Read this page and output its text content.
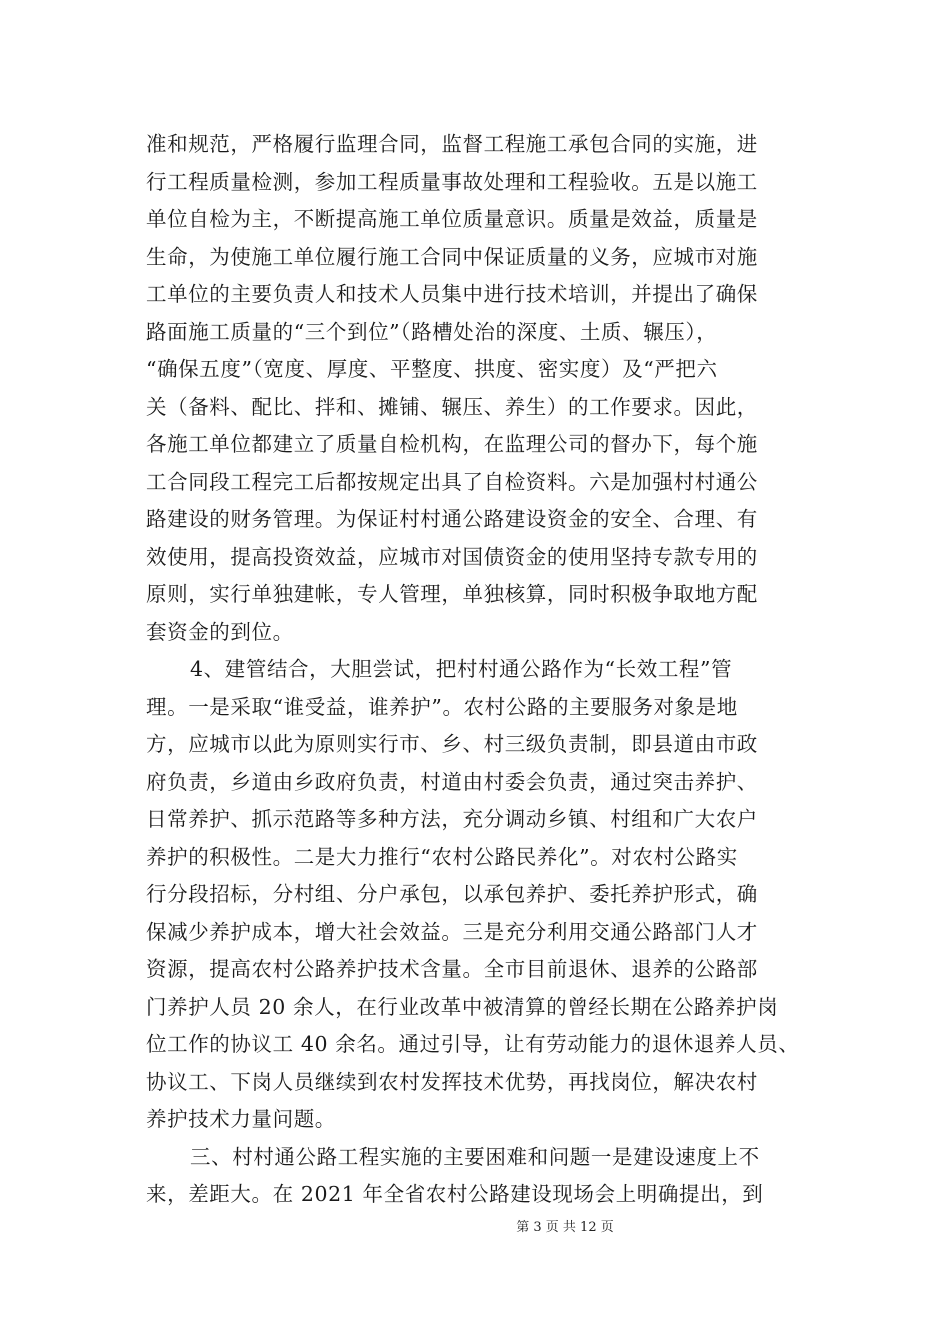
准和规范，严格履行监理合同，监督工程施工承包合同的实施，进
行工程质量检测，参加工程质量事故处理和工程验收。五是以施工
单位自检为主，不断提高施工单位质量意识。质量是效益，质量是
生命，为使施工单位履行施工合同中保证质量的义务，应城市对施
工单位的主要负责人和技术人员集中进行技术培训，并提出了确保
路面施工质量的“三个到位”（路槽处治的深度、土质、辗压），
“确保五度”（宽度、厚度、平整度、拱度、密实度）及“严把六
关（备料、配比、拌和、摊铺、辗压、养生）的工作要求。因此，
各施工单位都建立了质量自检机构，在监理公司的督办下，每个施
工合同段工程完工后都按规定出具了自检资料。六是加强村村通公
路建设的财务管理。为保证村村通公路建设资金的安全、合理、有
效使用，提高投资效益，应城市对国债资金的使用坚持专款专用的
原则，实行单独建帐，专人管理，单独核算，同时积极争取地方配
套资金的到位。
4、建管结合，大胆尝试，把村村通公路作为“长效工程”管
理。一是采取“谁受益，谁养护”。农村公路的主要服务对象是地
方，应城市以此为原则实行市、乡、村三级负责制，即县道由市政
府负责，乡道由乡政府负责，村道由村委会负责，通过突击养护、
日常养护、抓示范路等多种方法，充分调动乡镇、村组和广大农户
养护的积极性。二是大力推行“农村公路民养化”。对农村公路实
行分段招标，分村组、分户承包，以承包养护、委托养护形式，确
保减少养护成本，增大社会效益。三是充分利用交通公路部门人才
资源，提高农村公路养护技术含量。全市目前退休、退养的公路部
门养护人员 20 余人，在行业改革中被清算的曾经长期在公路养护岗
位工作的协议工 40 余名。通过引导，让有劳动能力的退休退养人员、
协议工、下岗人员继续到农村发挥技术优势，再找岗位，解决农村
养护技术力量问题。
三、村村通公路工程实施的主要困难和问题一是建设速度上不
来，差距大。在 2021 年全省农村公路建设现场会上明确提出，到
第 3 页 共 12 页
